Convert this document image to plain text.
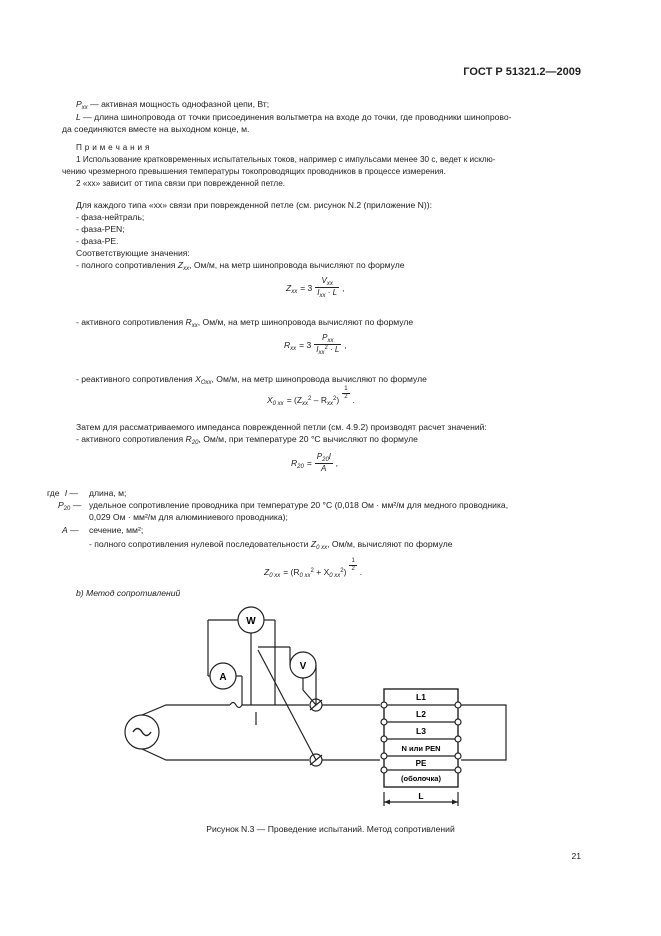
ГОСТ Р 51321.2—2009
$P_{xx}$ — активная мощность однофазной цепи, Вт;
L — длина шинопровода от точки присоединения вольтметра на входе до точки, где проводники шинопрово-
да соединяются вместе на выходном конце, м.
П р и м е ч а н и я
1 Использование кратковременных испытательных токов, например с импульсами менее 30 с, ведет к исклю-
чению чрезмерного превышения температуры токопроводящих проводников в процессе измерения.
2 «хх» зависит от типа связи при поврежденной петле.
Для каждого типа «хх» связи при поврежденной петле (см. рисунок N.2 (приложение N)):
- фаза-нейтраль;
- фаза-PEN;
- фаза-РЕ.
Соответствующие значения:
- полного сопротивления $Z_{xx}$, Ом/м, на метр шинопровода вычисляют по формуле
$Z_{xx} = 3 \frac{V_{xx}}{I_{xx} \cdot L}$ ,
- активного сопротивления $R_{xx}$, Ом/м, на метр шинопровода вычисляют по формуле
$R_{xx} = 3 \frac{P_{xx}}{I_{xx}^2 \cdot L}$ ,
- реактивного сопротивления $X_{Oxx}$, Ом/м, на метр шинопровода вычисляют по формуле
$X_{0 xx} = (Z_{xx}^2 - R_{xx}^2) \frac{1}{2}$ .
Затем для рассматриваемого импеданса поврежденной петли (см. 4.9.2) производят расчет значений:
- активного сопротивления $R_{20}$, Ом/м, при температуре 20 °С вычисляют по формуле
$R_{20} = \frac{P_{20}l}{A}$ ,
где l — длина, м;
$P_{20}$ — удельное сопротивление проводника при температуре 20 °С (0,018 Ом · мм²/м для медного проводника,
0,029 Ом · мм²/м для алюминиевого проводника);
A — сечение, мм²;
- полного сопротивления нулевой последовательности $Z_{0 xx}$, Ом/м, вычисляют по формуле
$Z_{0 xx} = (R_{0 xx}^2 + X_{0 xx}^2) \frac{1}{2}$ .
b) Метод сопротивлений
W
A
V
L1
L2
L3
N или PEN
PE
(оболочка)
L
Рисунок N.3 — Проведение испытаний. Метод сопротивлений
21
